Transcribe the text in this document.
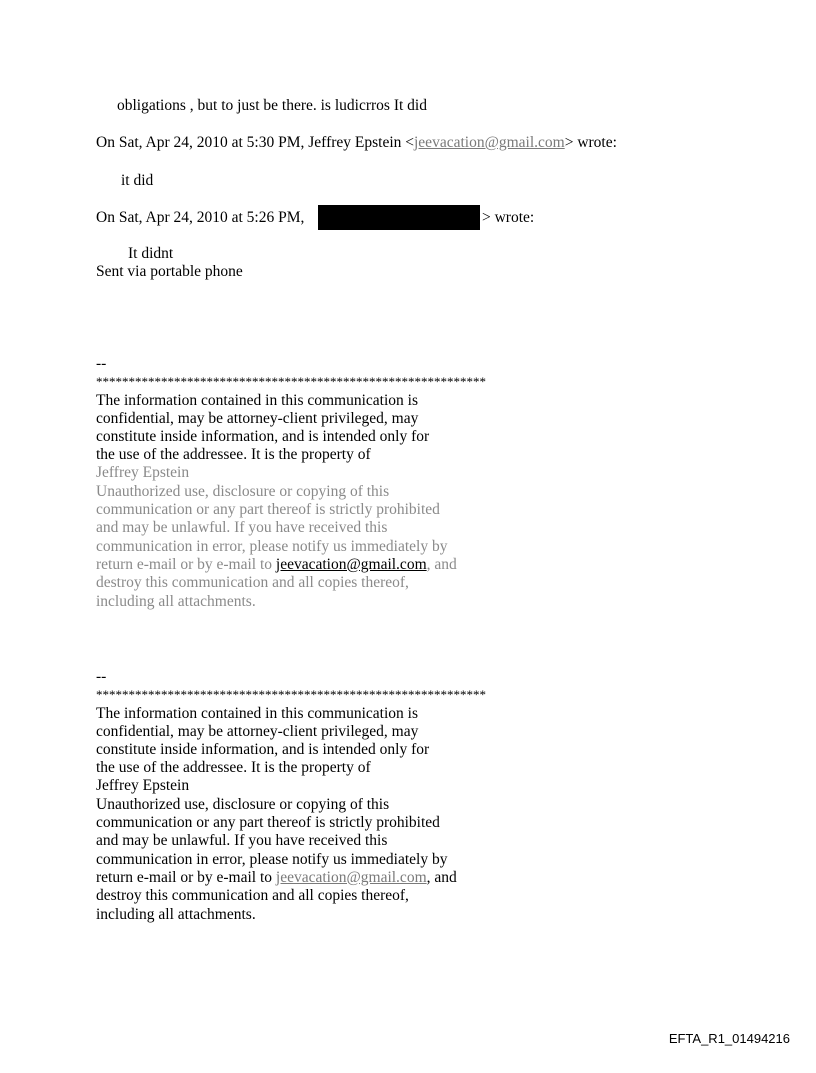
obligations , but to just be there. is ludicrros It did
On Sat, Apr 24, 2010 at 5:30 PM, Jeffrey Epstein <jeevacation@gmail.com> wrote:
it did
On Sat, Apr 24, 2010 at 5:26 PM,	> wrote:
It didnt
Sent via portable phone
--
************************************************************
The information contained in this communication is
confidential, may be attorney-client privileged, may
constitute inside information, and is intended only for
the use of the addressee. It is the property of
Jeffrey Epstein
Unauthorized use, disclosure or copying of this
communication or any part thereof is strictly prohibited
and may be unlawful. If you have received this
communication in error, please notify us immediately by
return e-mail or by e-mail to jeevacation@gmail.com, and
destroy this communication and all copies thereof,
including all attachments.
--
************************************************************
The information contained in this communication is
confidential, may be attorney-client privileged, may
constitute inside information, and is intended only for
the use of the addressee. It is the property of
Jeffrey Epstein
Unauthorized use, disclosure or copying of this
communication or any part thereof is strictly prohibited
and may be unlawful. If you have received this
communication in error, please notify us immediately by
return e-mail or by e-mail to jeevacation@gmail.com, and
destroy this communication and all copies thereof,
including all attachments.
EFTA_R1_01494216
